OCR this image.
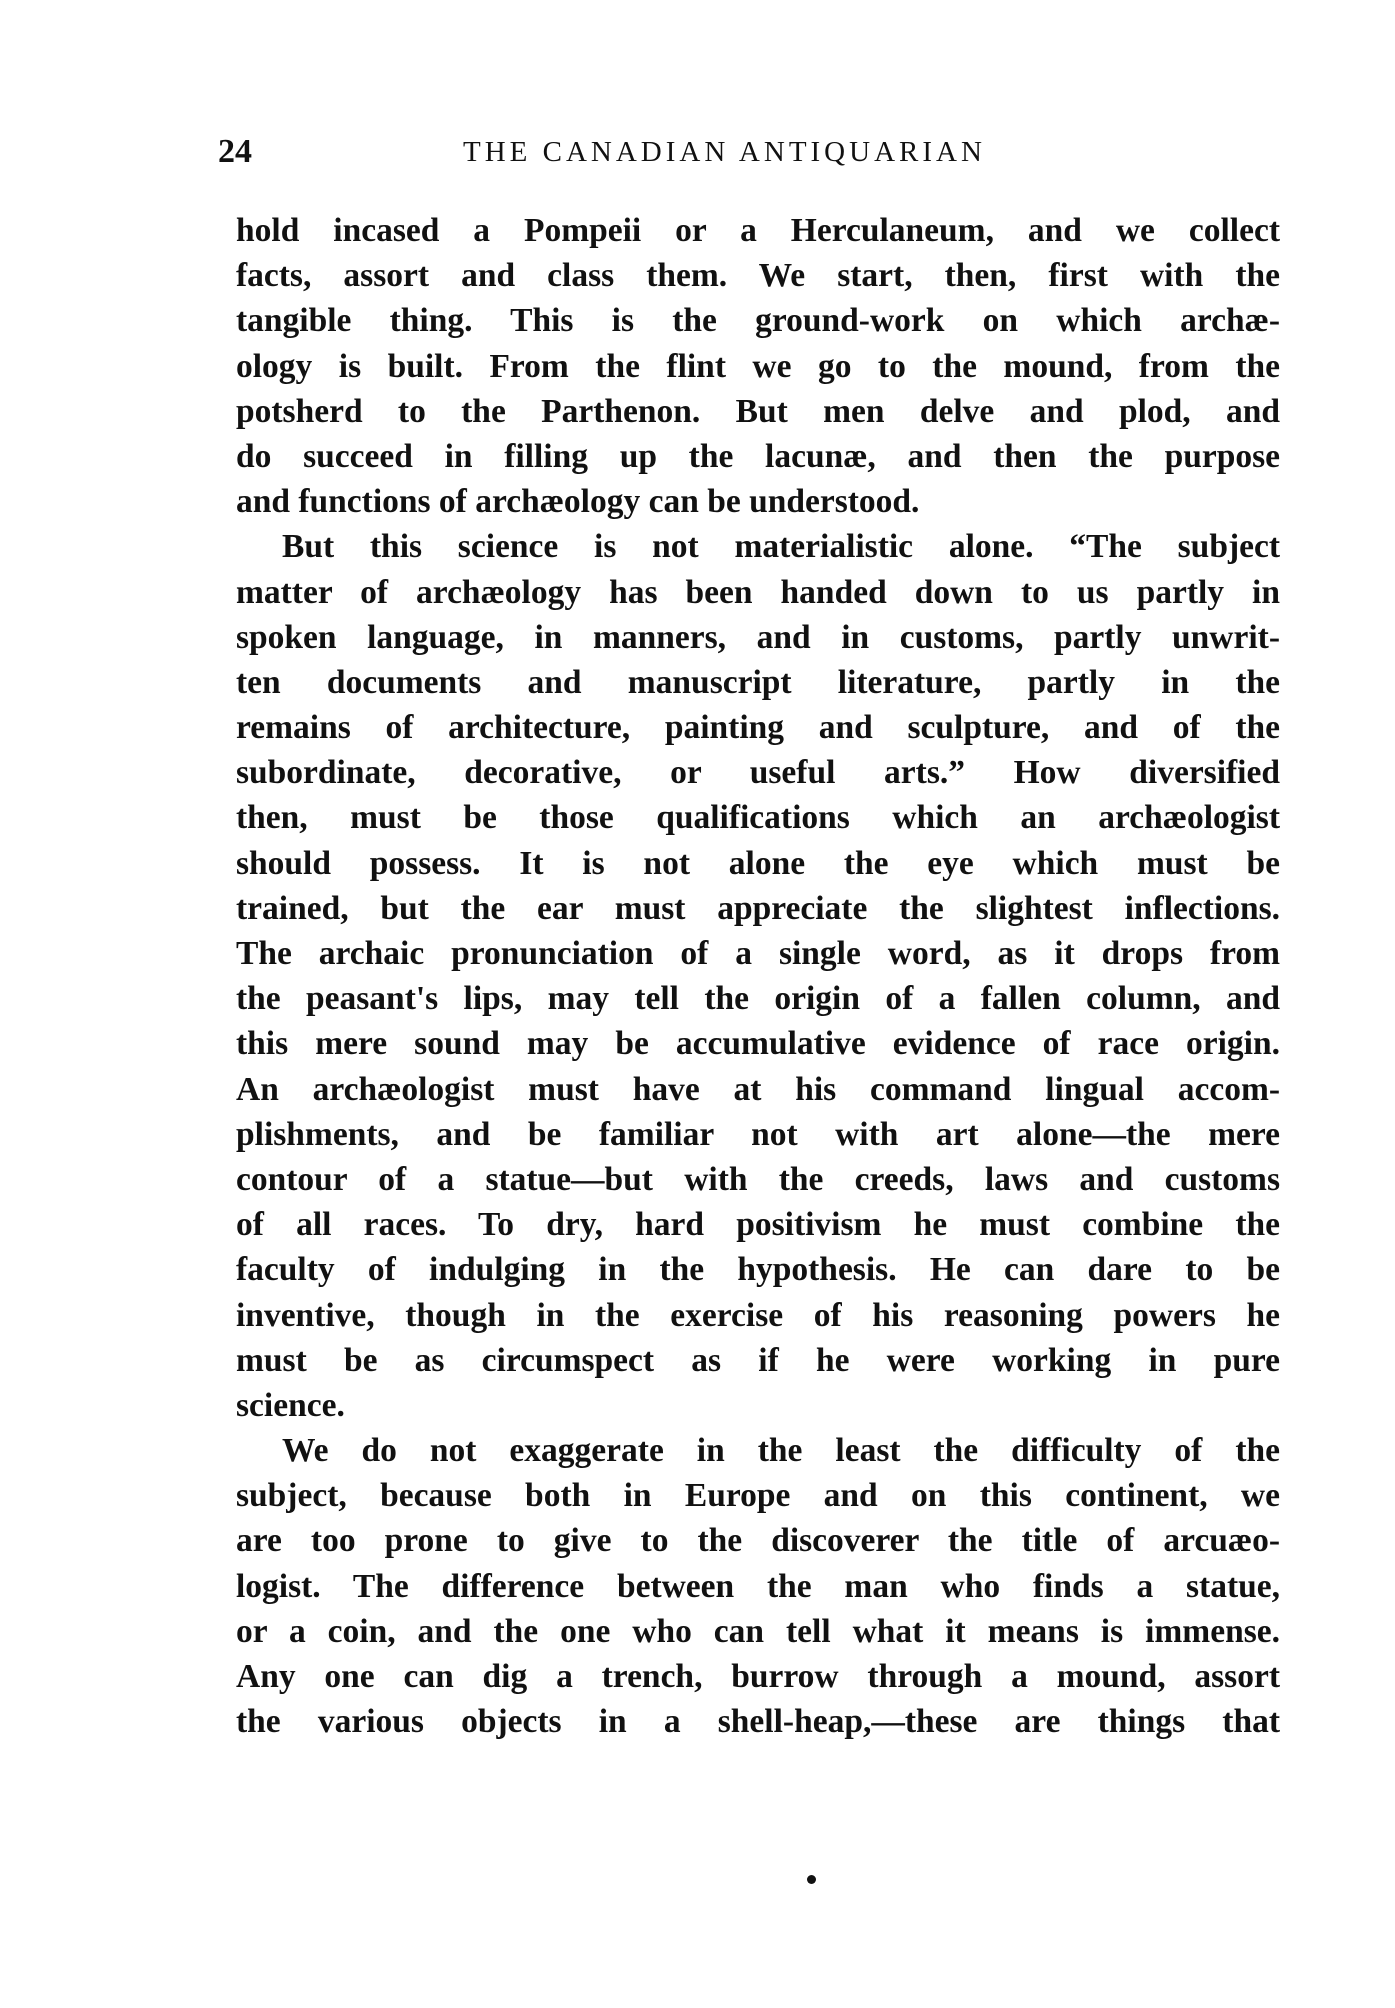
24	THE CANADIAN ANTIQUARIAN
hold incased a Pompeii or a Herculaneum, and we collect
facts, assort and class them. We start, then, first with the
tangible thing. This is the ground-work on which archæ-
ology is built. From the flint we go to the mound, from the
potsherd to the Parthenon. But men delve and plod, and
do succeed in filling up the lacunæ, and then the purpose
and functions of archæology can be understood.
But this science is not materialistic alone. “The subject
matter of archæology has been handed down to us partly in
spoken language, in manners, and in customs, partly unwrit-
ten documents and manuscript literature, partly in the
remains of architecture, painting and sculpture, and of the
subordinate, decorative, or useful arts.” How diversified
then, must be those qualifications which an archæologist
should possess. It is not alone the eye which must be
trained, but the ear must appreciate the slightest inflections.
The archaic pronunciation of a single word, as it drops from
the peasant's lips, may tell the origin of a fallen column, and
this mere sound may be accumulative evidence of race origin.
An archæologist must have at his command lingual accom-
plishments, and be familiar not with art alone—the mere
contour of a statue—but with the creeds, laws and customs
of all races. To dry, hard positivism he must combine the
faculty of indulging in the hypothesis. He can dare to be
inventive, though in the exercise of his reasoning powers he
must be as circumspect as if he were working in pure
science.
We do not exaggerate in the least the difficulty of the
subject, because both in Europe and on this continent, we
are too prone to give to the discoverer the title of arcuæo-
logist. The difference between the man who finds a statue,
or a coin, and the one who can tell what it means is immense.
Any one can dig a trench, burrow through a mound, assort
the various objects in a shell-heap,—these are things that
